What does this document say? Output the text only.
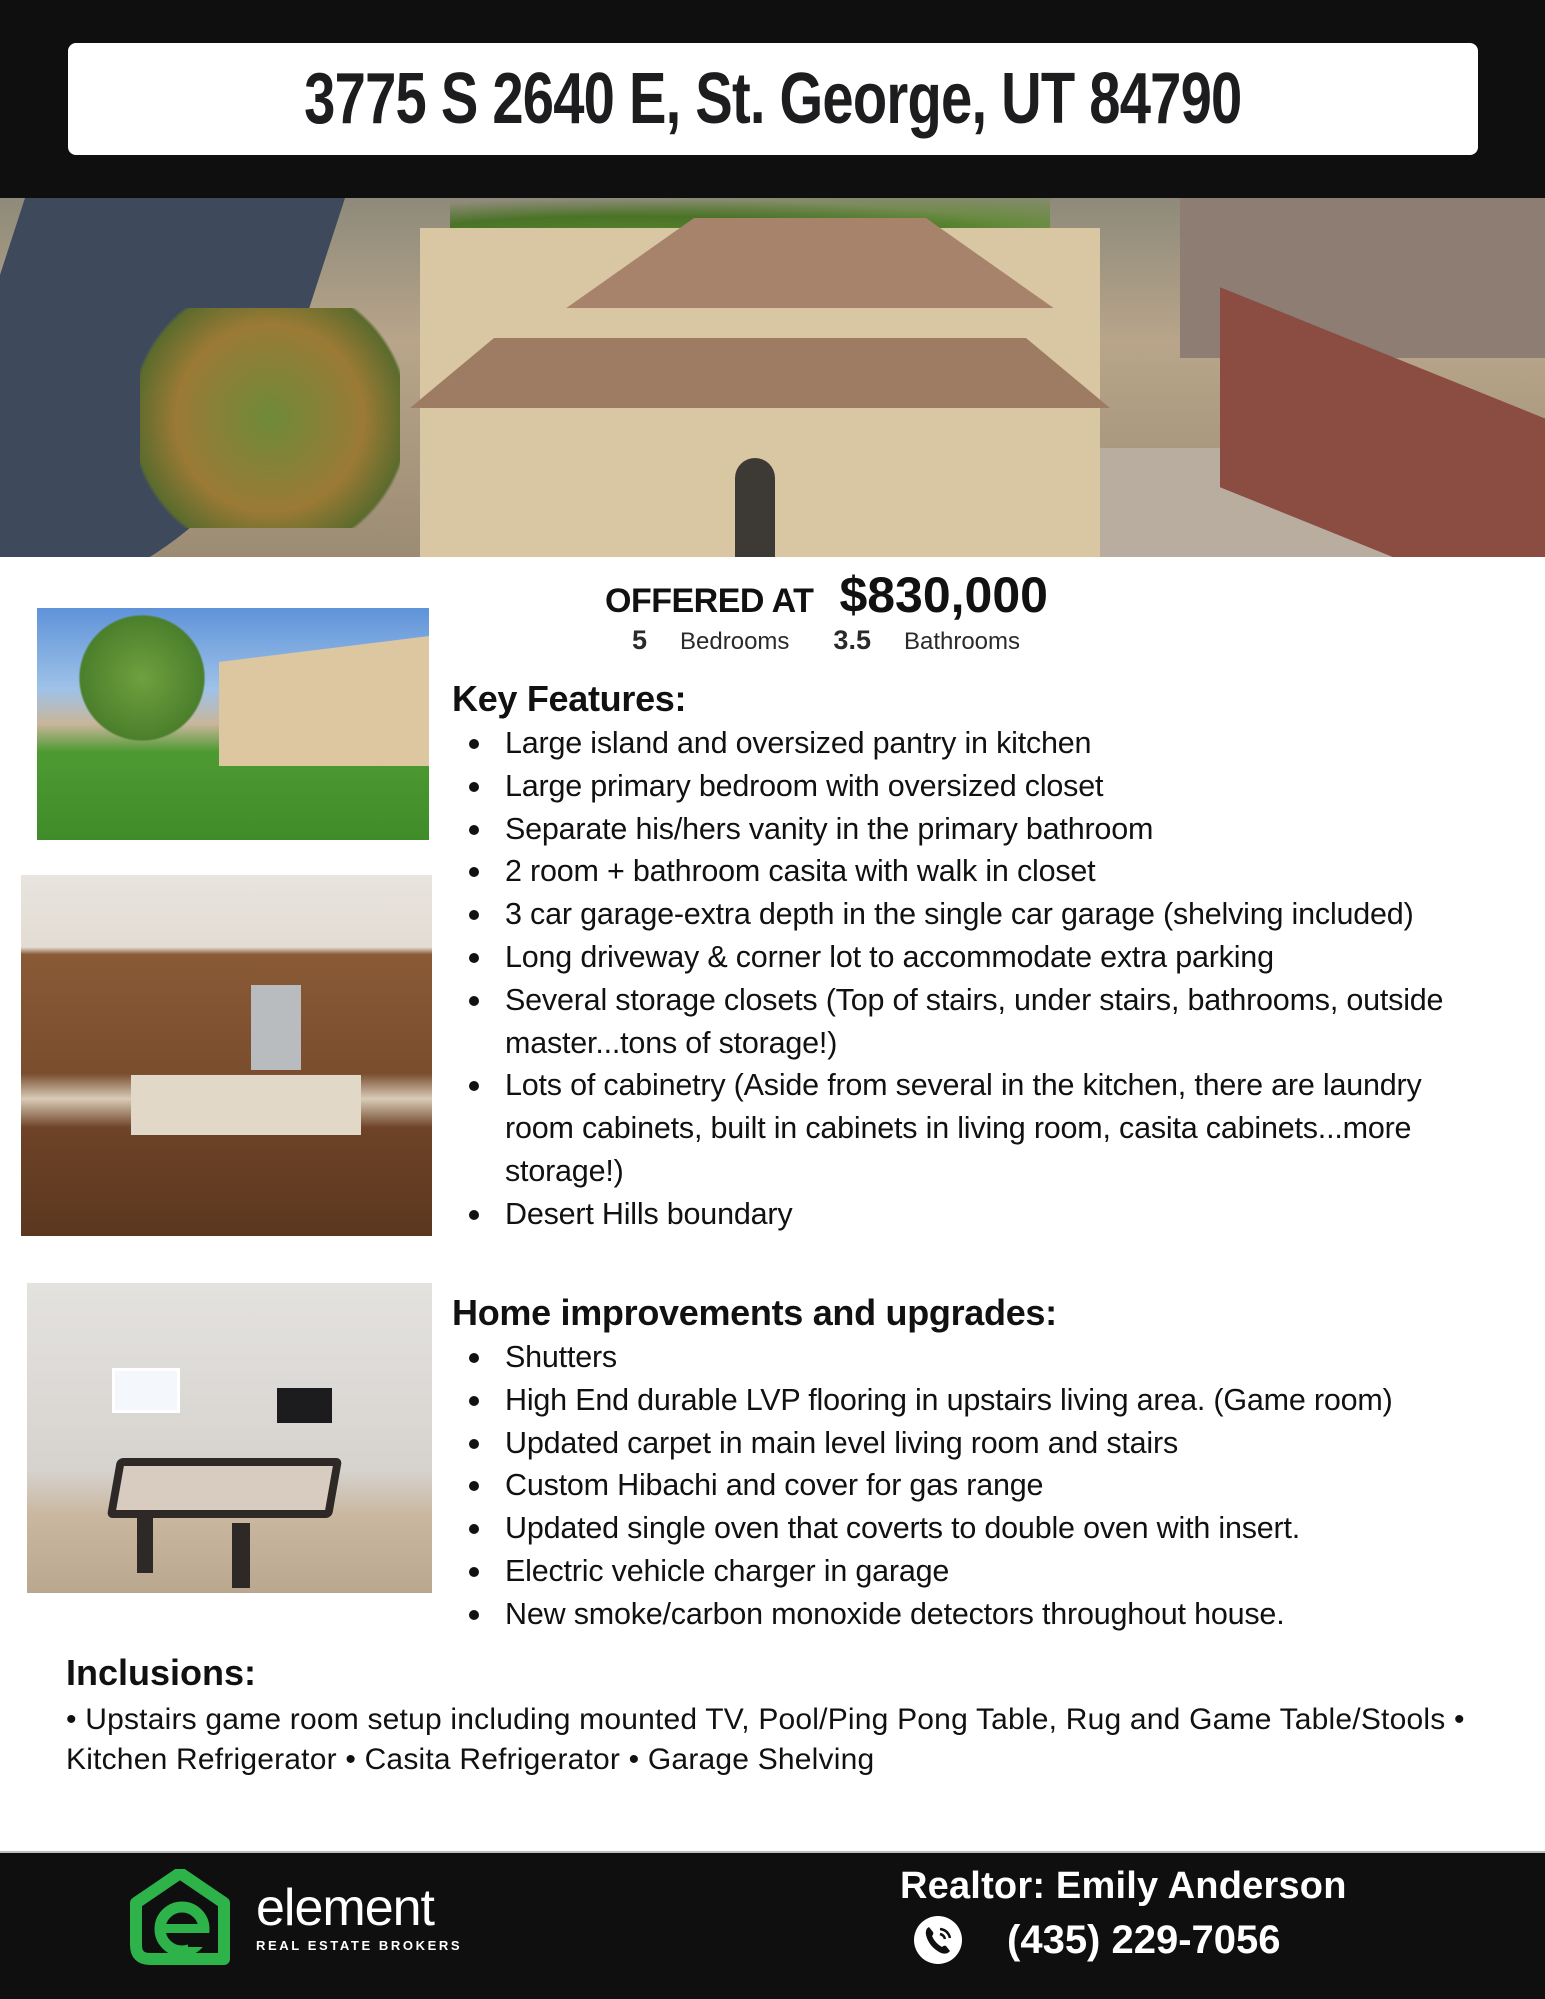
3775 S 2640 E, St. George, UT 84790
OFFERED AT $830,000
5 Bedrooms 3.5 Bathrooms
Key Features:
Large island and oversized pantry in kitchen
Large primary bedroom with oversized closet
Separate his/hers vanity in the primary bathroom
2 room + bathroom casita with walk in closet
3 car garage-extra depth in the single car garage (shelving included)
Long driveway & corner lot to accommodate extra parking
Several storage closets (Top of stairs, under stairs, bathrooms, outside master...tons of storage!)
Lots of cabinetry (Aside from several in the kitchen, there are laundry room cabinets, built in cabinets in living room, casita cabinets...more storage!)
Desert Hills boundary
Home improvements and upgrades:
Shutters
High End durable LVP flooring in upstairs living area. (Game room)
Updated carpet in main level living room and stairs
Custom Hibachi and cover for gas range
Updated single oven that coverts to double oven with insert.
Electric vehicle charger in garage
New smoke/carbon monoxide detectors throughout house.
Inclusions:

• Upstairs game room setup including mounted TV, Pool/Ping Pong Table, Rug and Game Table/Stools • Kitchen Refrigerator • Casita Refrigerator • Garage Shelving

element
REAL ESTATE BROKERS
Realtor: Emily Anderson
(435) 229-7056
